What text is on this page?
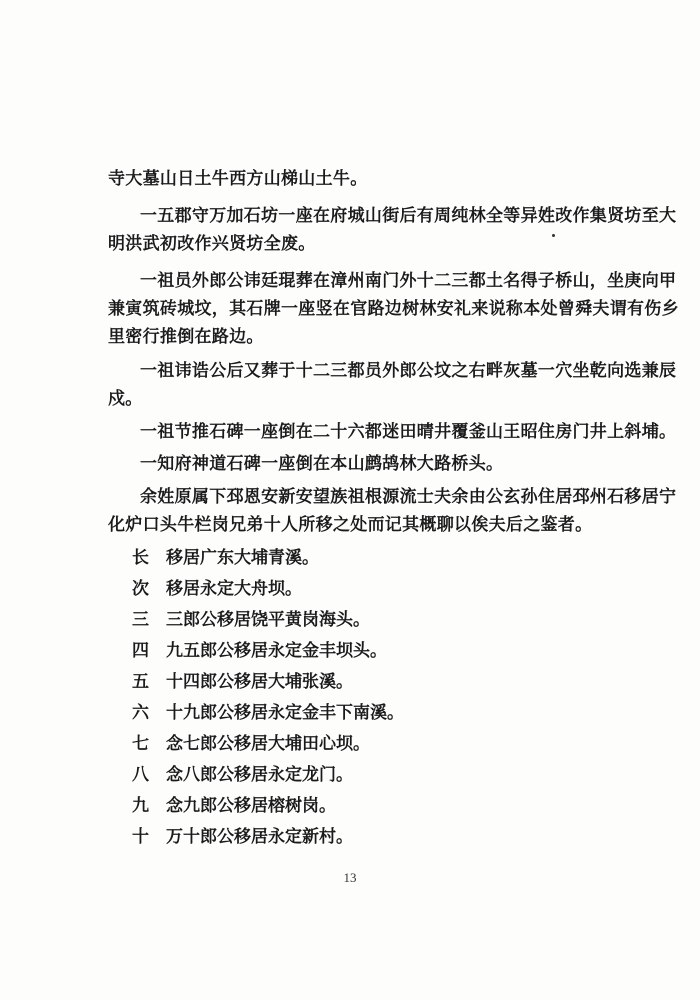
寺大墓山日土牛西方山梯山土牛。
一五郡守万加石坊一座在府城山街后有周纯林全等异姓改作集贤坊至大
明洪武初改作兴贤坊全废。
一祖员外郎公讳廷琨葬在漳州南门外十二三都土名得子桥山，坐庚向甲
兼寅筑砖城坟，其石牌一座竖在官路边树林安礼来说称本处曾舜夫谓有伤乡
里密行推倒在路边。
一祖讳诰公后又葬于十二三都员外郎公坟之右畔灰墓一穴坐乾向选兼辰
戍。
一祖节推石碑一座倒在二十六都迷田晴井覆釜山王昭住房门井上斜埔。
一知府神道石碑一座倒在本山鹧鸪林大路桥头。
余姓原属下邳恩安新安望族祖根源流士夫余由公玄孙住居邳州石移居宁
化炉口头牛栏岗兄弟十人所移之处而记其概聊以俟夫后之鉴者。
长 移居广东大埔青溪。
次 移居永定大舟坝。
三 三郎公移居饶平黄岗海头。
四 九五郎公移居永定金丰坝头。
五 十四郎公移居大埔张溪。
六 十九郎公移居永定金丰下南溪。
七 念七郎公移居大埔田心坝。
八 念八郎公移居永定龙门。
九 念九郎公移居榕树岗。
十 万十郎公移居永定新村。
13
